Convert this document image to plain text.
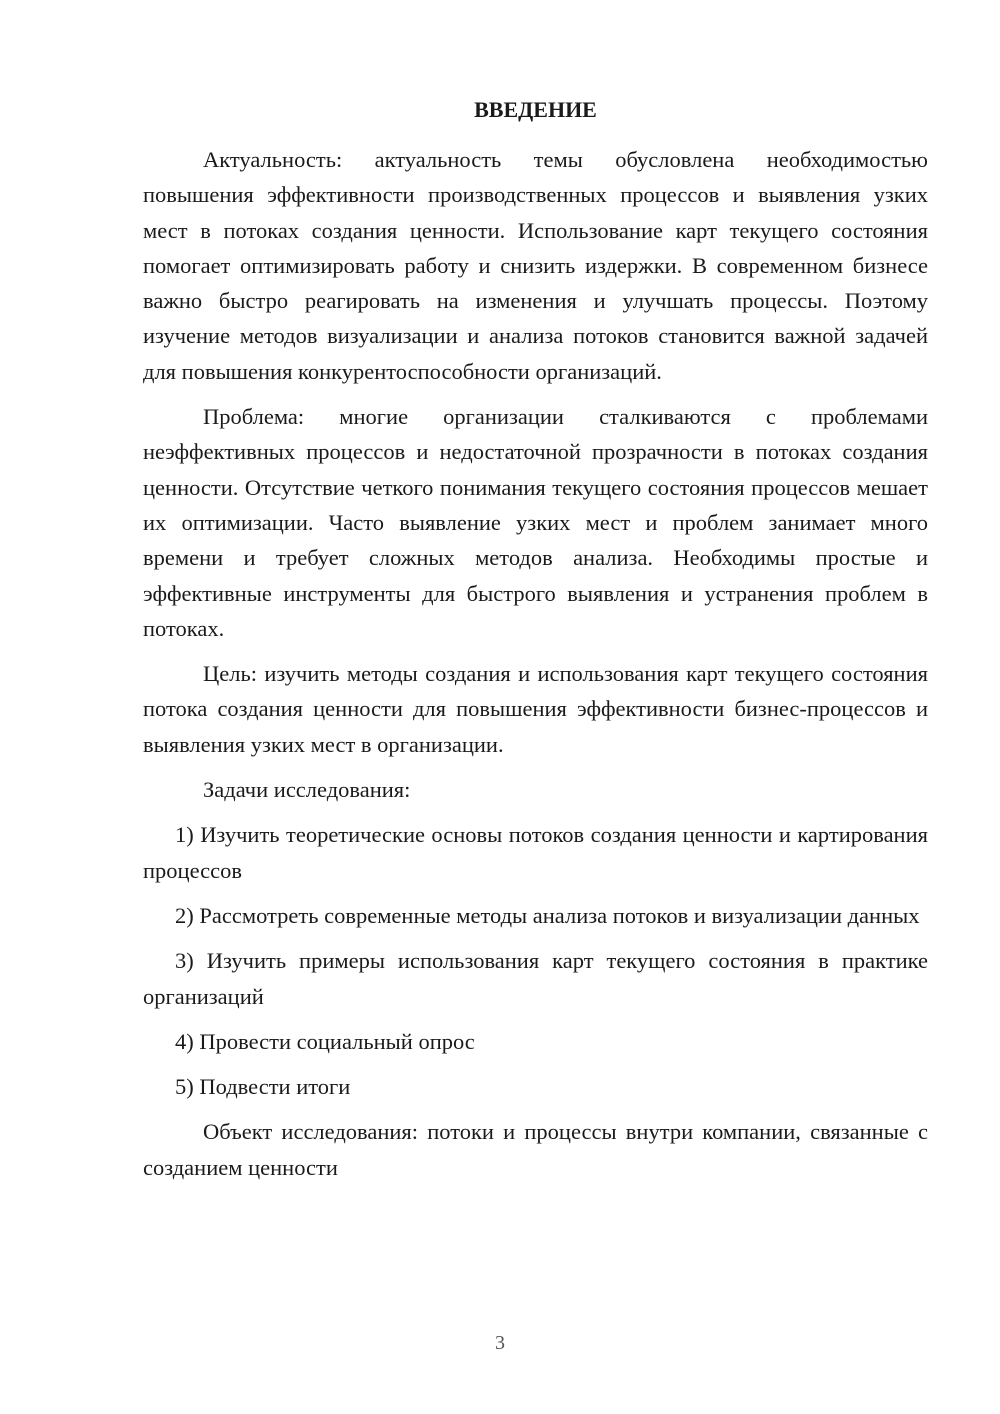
ВВЕДЕНИЕ

Актуальность: актуальность темы обусловлена необходимостью повышения эффективности производственных процессов и выявления узких мест в потоках создания ценности. Использование карт текущего состояния помогает оптимизировать работу и снизить издержки. В современном бизнесе важно быстро реагировать на изменения и улучшать процессы. Поэтому изучение методов визуализации и анализа потоков становится важной задачей для повышения конкурентоспособности организаций.

Проблема: многие организации сталкиваются с проблемами неэффективных процессов и недостаточной прозрачности в потоках создания ценности. Отсутствие четкого понимания текущего состояния процессов мешает их оптимизации. Часто выявление узких мест и проблем занимает много времени и требует сложных методов анализа. Необходимы простые и эффективные инструменты для быстрого выявления и устранения проблем в потоках.

Цель: изучить методы создания и использования карт текущего состояния потока создания ценности для повышения эффективности бизнес-процессов и выявления узких мест в организации.

Задачи исследования:

1) Изучить теоретические основы потоков создания ценности и картирования процессов

2) Рассмотреть современные методы анализа потоков и визуализации данных

3) Изучить примеры использования карт текущего состояния в практике организаций

4) Провести социальный опрос

5) Подвести итоги

Объект исследования: потоки и процессы внутри компании, связанные с созданием ценности

3
